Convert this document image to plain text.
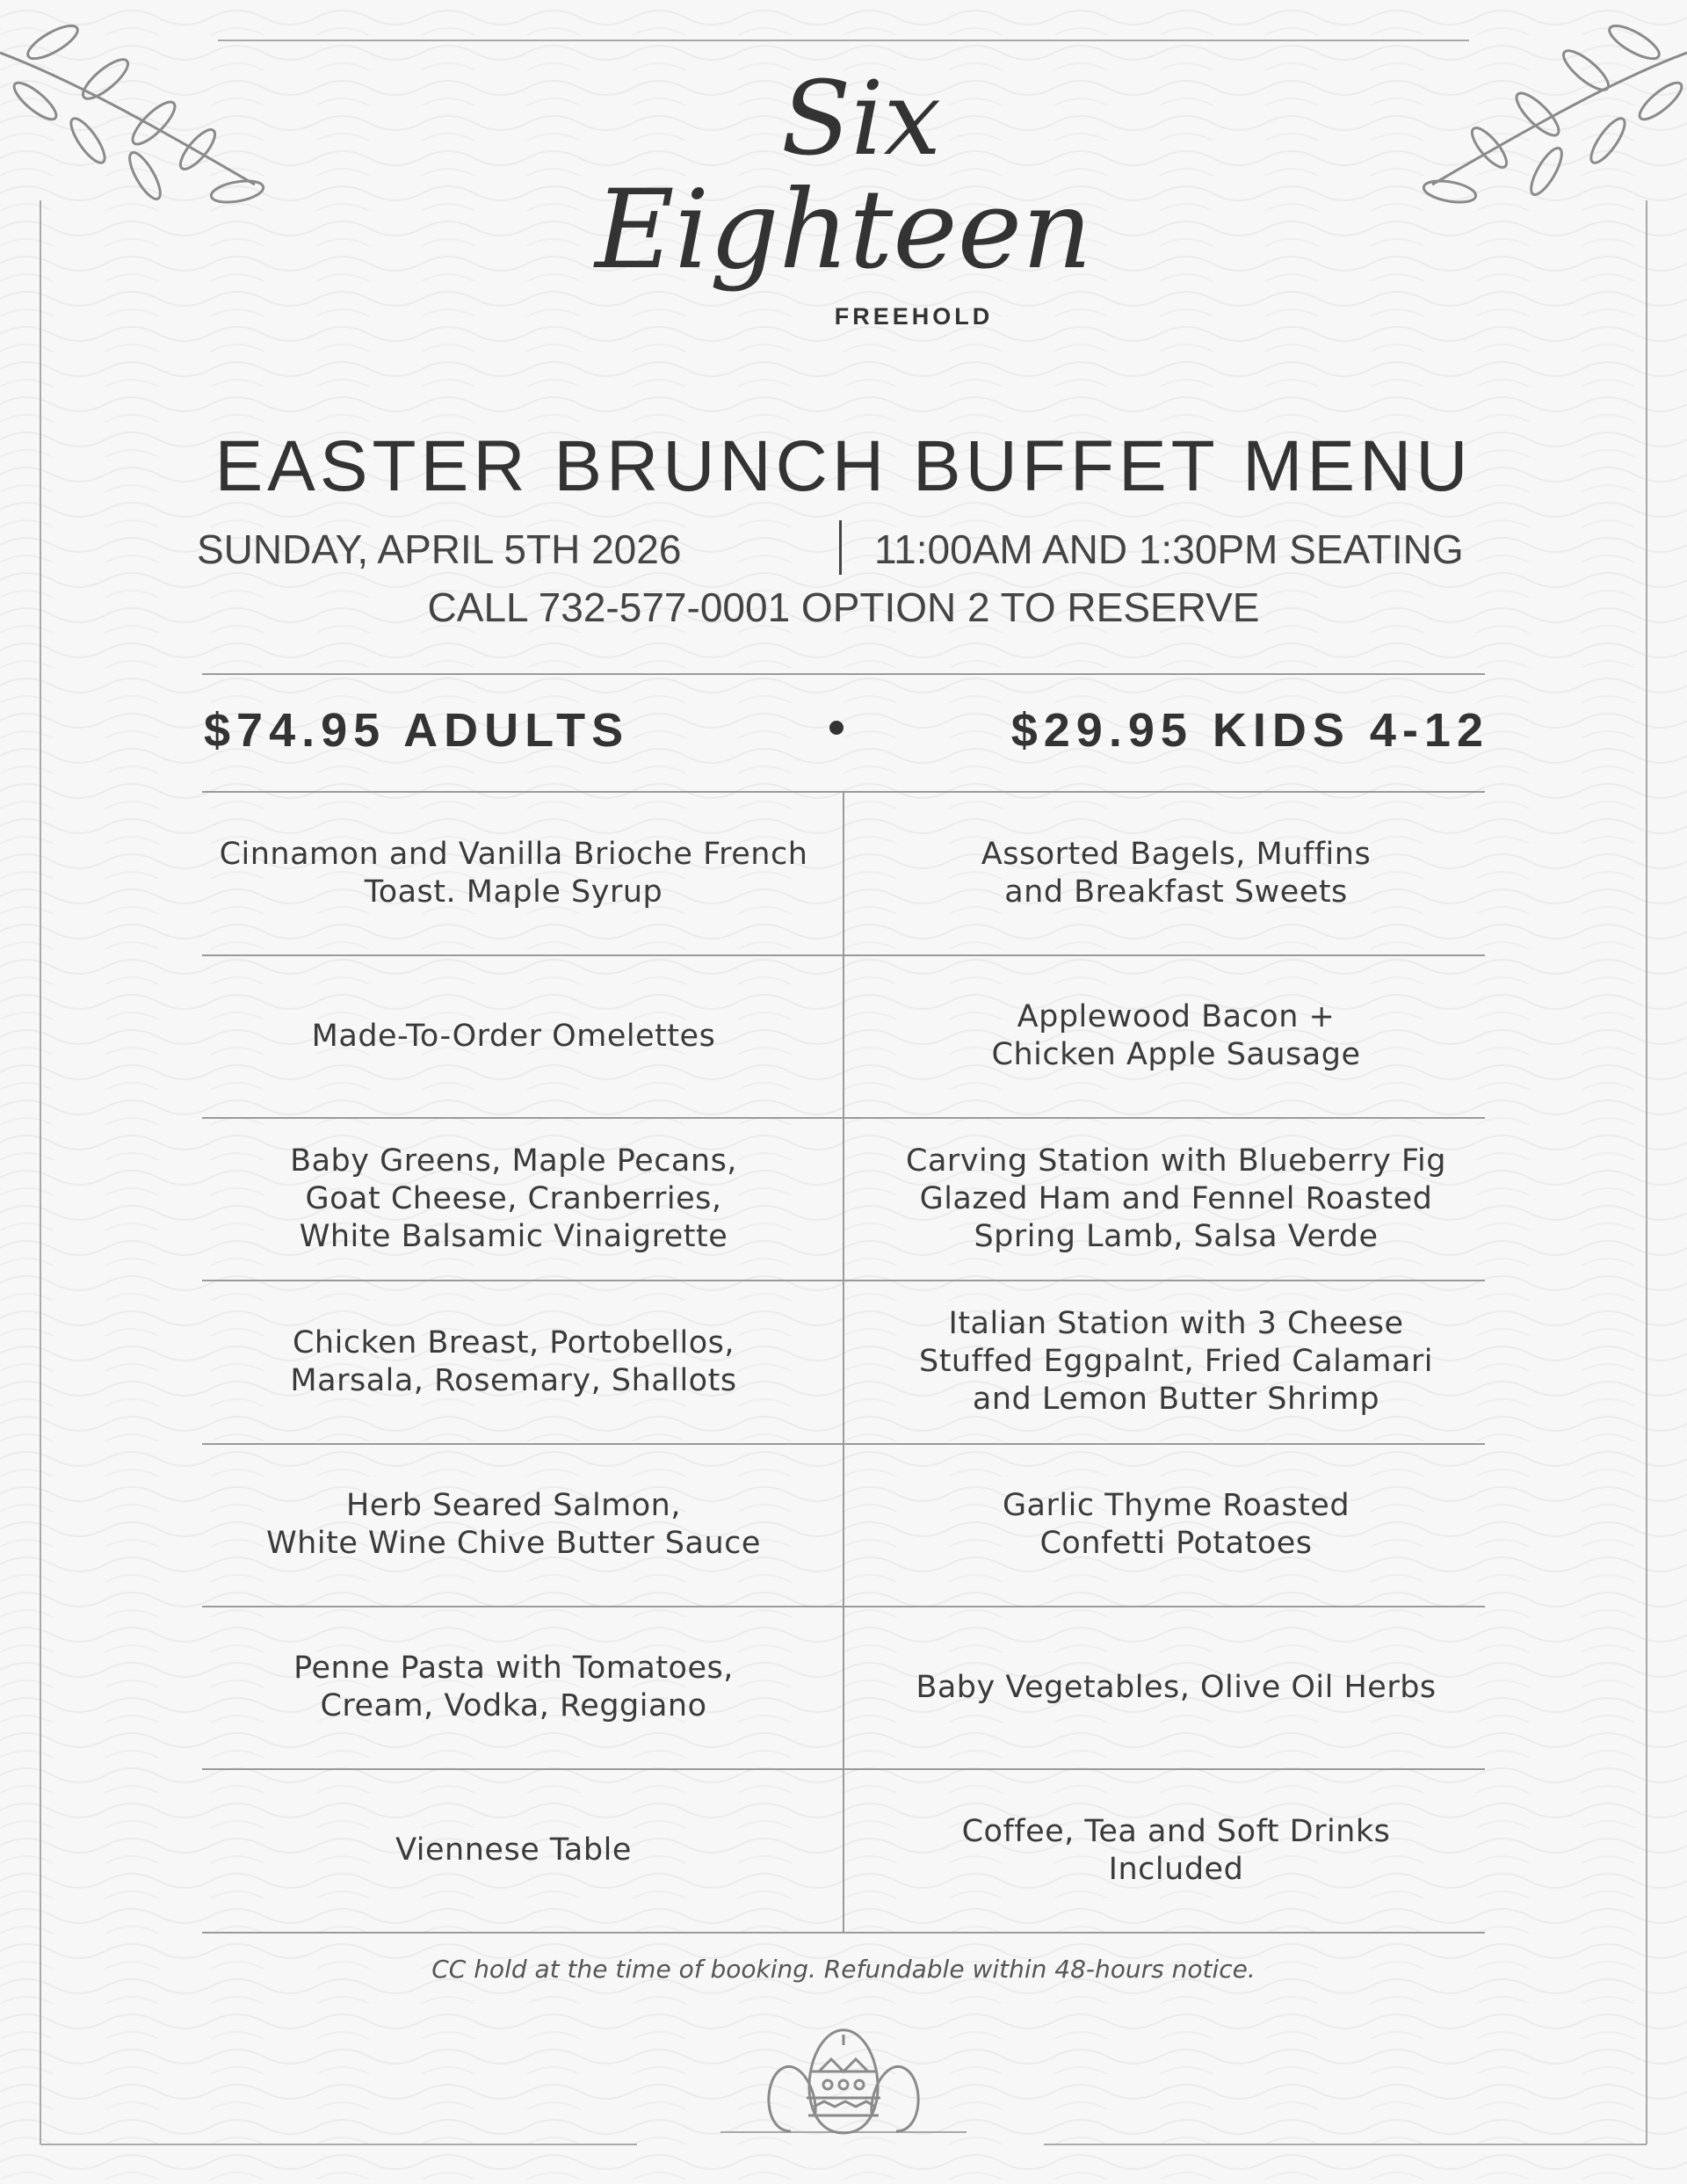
Six
Eighteen
FREEHOLD
EASTER BRUNCH BUFFET MENU
SUNDAY, APRIL 5TH 2026	11:00AM AND 1:30PM SEATING
CALL 732-577-0001 OPTION 2 TO RESERVE
$74.95 ADULTS	$29.95 KIDS 4-12
Cinnamon and Vanilla Brioche French
Toast. Maple Syrup
Assorted Bagels, Muffins
and Breakfast Sweets
Made-To-Order Omelettes
Applewood Bacon +
Chicken Apple Sausage
Baby Greens, Maple Pecans,
Goat Cheese, Cranberries,
White Balsamic Vinaigrette
Carving Station with Blueberry Fig
Glazed Ham and Fennel Roasted
Spring Lamb, Salsa Verde
Chicken Breast, Portobellos,
Marsala, Rosemary, Shallots
Italian Station with 3 Cheese
Stuffed Eggpalnt, Fried Calamari
and Lemon Butter Shrimp
Herb Seared Salmon,
White Wine Chive Butter Sauce
Garlic Thyme Roasted
Confetti Potatoes
Penne Pasta with Tomatoes,
Cream, Vodka, Reggiano
Baby Vegetables, Olive Oil Herbs
Viennese Table
Coffee, Tea and Soft Drinks
Included
CC hold at the time of booking. Refundable within 48-hours notice.
